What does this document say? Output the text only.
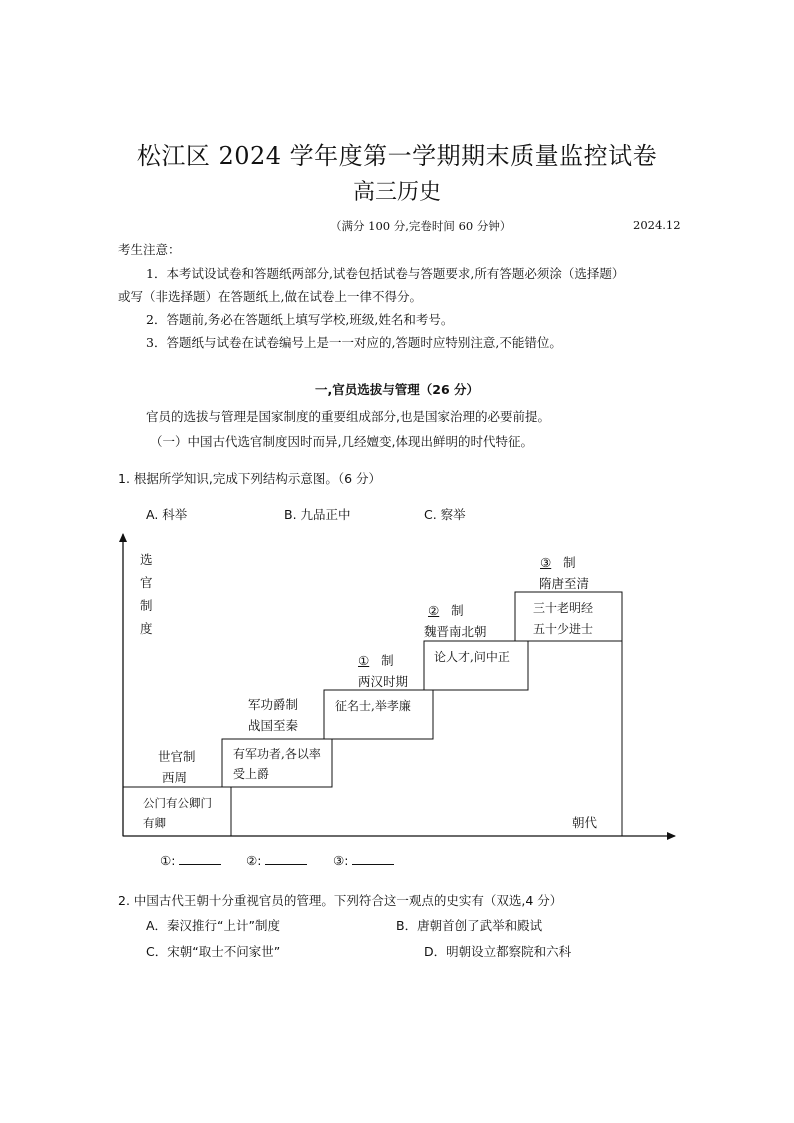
松江区 2024 学年度第一学期期末质量监控试卷
高三历史
（满分 100 分,完卷时间 60 分钟）	2024.12
考生注意：
1．本考试设试卷和答题纸两部分,试卷包括试卷与答题要求,所有答题必须涂（选择题）
或写（非选择题）在答题纸上,做在试卷上一律不得分。
2．答题前,务必在答题纸上填写学校,班级,姓名和考号。
3．答题纸与试卷在试卷编号上是一一对应的,答题时应特别注意,不能错位。
一,官员选拔与管理（26 分）
官员的选拔与管理是国家制度的重要组成部分,也是国家治理的必要前提。
（一）中国古代选官制度因时而异,几经嬗变,体现出鲜明的时代特征。
1. 根据所学知识,完成下列结构示意图。（6 分）
A. 科举	B. 九品正中	C. 察举
选
官
制
度
朝代
世官制
西周
公门有公卿门有卿
军功爵制
战国至秦
有军功者,各以率受上爵
① 制
两汉时期
征名士,举孝廉
② 制
魏晋南北朝
论人才,问中正
③ 制
隋唐至清
三十老明经
五十少进士
①:	②:	③:
2. 中国古代王朝十分重视官员的管理。下列符合这一观点的史实有（双选,4 分）
A．秦汉推行“上计”制度	B．唐朝首创了武举和殿试
C．宋朝“取士不问家世”	D．明朝设立都察院和六科
